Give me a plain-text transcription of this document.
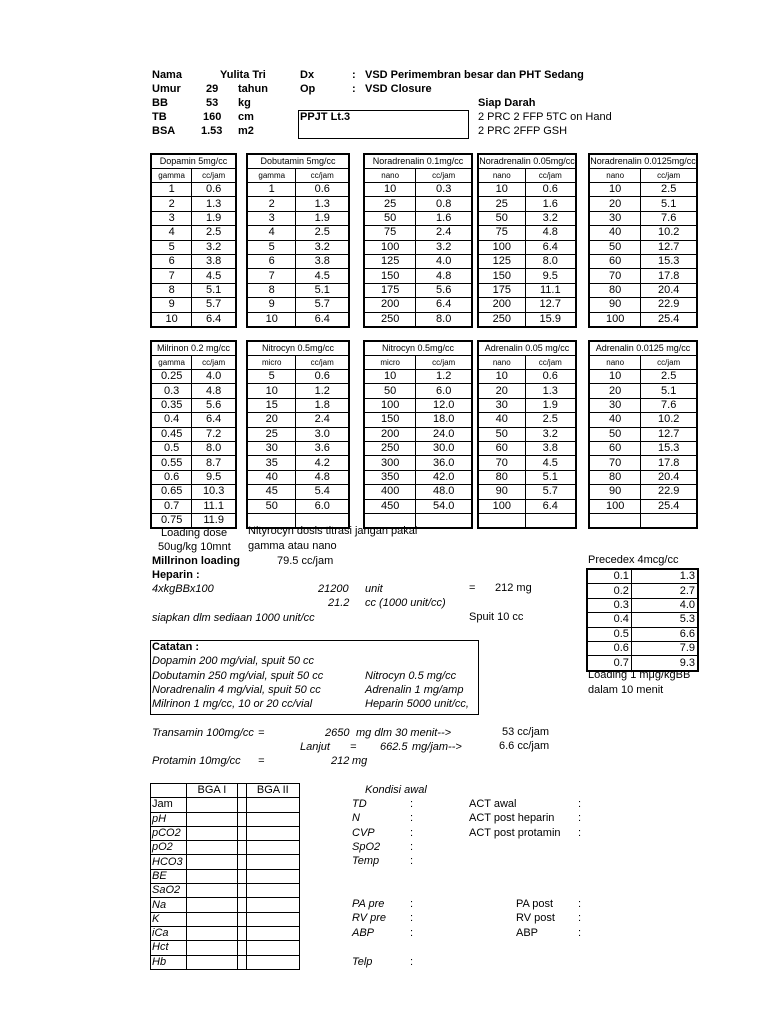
Nama	Yulita Tri
Umur 29 tahun
BB	53 kg
TB	160 cm
BSA 1.53 m2
Dx	: VSD Perimembran besar dan PHT Sedang
Op	: VSD Closure
PPJT Lt.3
Siap Darah
2 PRC 2 FFP 5TC on Hand
2 PRC 2FFP GSH
Dopamin 5mg/cc	
gamma	cc/jam
1	0.6
2	1.3
3	1.9
4	2.5
5	3.2
6	3.8
7	4.5
8	5.1
9	5.7
10	6.4
Dobutamin 5mg/cc	
gamma	cc/jam
1	0.6
2	1.3
3	1.9
4	2.5
5	3.2
6	3.8
7	4.5
8	5.1
9	5.7
10	6.4
Noradrenalin 0.1mg/cc	
nano	cc/jam
10	0.3
25	0.8
50	1.6
75	2.4
100	3.2
125	4.0
150	4.8
175	5.6
200	6.4
250	8.0
Noradrenalin 0.05mg/cc	
nano	cc/jam
10	0.6
25	1.6
50	3.2
75	4.8
100	6.4
125	8.0
150	9.5
175	11.1
200	12.7
250	15.9
Noradrenalin 0.0125mg/cc	
nano	cc/jam
10	2.5
20	5.1
30	7.6
40	10.2
50	12.7
60	15.3
70	17.8
80	20.4
90	22.9
100	25.4
Milrinon 0.2 mg/cc	
gamma	cc/jam
0.25	4.0
0.3	4.8
0.35	5.6
0.4	6.4
0.45	7.2
0.5	8.0
0.55	8.7
0.6	9.5
0.65	10.3
0.7	11.1
0.75	11.9
Nitrocyn 0.5mg/cc	
micro	cc/jam
5	0.6
10	1.2
15	1.8
20	2.4
25	3.0
30	3.6
35	4.2
40	4.8
45	5.4
50	6.0

Nitrocyn 0.5mg/cc	
micro	cc/jam
10	1.2
50	6.0
100	12.0
150	18.0
200	24.0
250	30.0
300	36.0
350	42.0
400	48.0
450	54.0

Adrenalin 0.05 mg/cc	
nano	cc/jam
10	0.6
20	1.3
30	1.9
40	2.5
50	3.2
60	3.8
70	4.5
80	5.1
90	5.7
100	6.4

Adrenalin 0.0125 mg/cc	
nano	cc/jam
10	2.5
20	5.1
30	7.6
40	10.2
50	12.7
60	15.3
70	17.8
80	20.4
90	22.9
100	25.4

Loading dose
50ug/kg 10mnt
Nityrocyn dosis titrasi jangan pakai
gamma atau nano
Millrinon loading	79.5 cc/jam
Heparin :
4xkgBBx100	21200 unit	= 212 mg
21.2 cc (1000 unit/cc)
siapkan dlm sediaan 1000 unit/cc	Spuit 10 cc
Precedex 4mcg/cc
0.1	1.3
0.2	2.7
0.3	4.0
0.4	5.3
0.5	6.6
0.6	7.9
0.7	9.3
Loading 1 mμg/kgBB
dalam 10 menit
Catatan :
Dopamin 200 mg/vial, spuit 50 cc
Dobutamin 250 mg/vial, spuit 50 cc
Noradrenalin 4 mg/vial, spuit 50 cc
Milrinon 1 mg/cc, 10 or 20 cc/vial
Nitrocyn 0.5 mg/cc
Adrenalin 1 mg/amp
Heparin 5000 unit/cc,
Transamin 100mg/cc =	2650 mg dlm 30 menit-->	53 cc/jam
Lanjut = 662.5 mg/jam-->	6.6 cc/jam
Protamin 10mg/cc =	212 mg
	BGA I		BGA II
Jam			
pH			
pCO2			
pO2			
HCO3			
BE			
SaO2			
Na			
K			
iCa			
Hct			
Hb			
Kondisi awal
Telp	:
TD	:
N	:
CVP	:
SpO2	:
Temp	:
ACT awal	:
ACT post heparin :
ACT post protamin :
PA pre :
RV pre :
ABP	:
PA post :
RV post :
ABP	:
